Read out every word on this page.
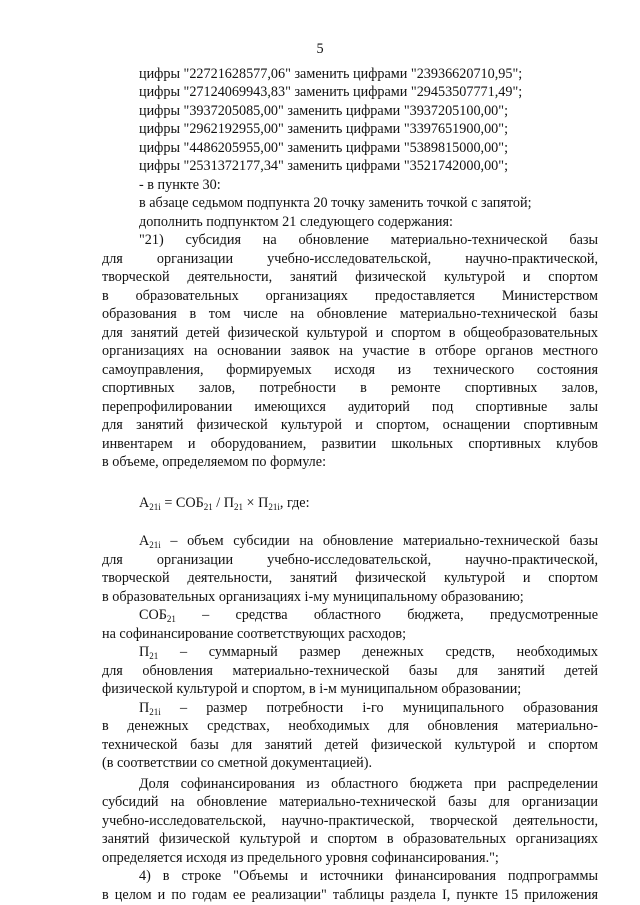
5
цифры "22721628577,06" заменить цифрами "23936620710,95";
цифры "27124069943,83" заменить цифрами "29453507771,49";
цифры "3937205085,00" заменить цифрами "3937205100,00";
цифры "2962192955,00" заменить цифрами "3397651900,00";
цифры "4486205955,00" заменить цифрами "5389815000,00";
цифры "2531372177,34" заменить цифрами "3521742000,00";
- в пункте 30:
в абзаце седьмом подпункта 20 точку заменить точкой с запятой;
дополнить подпунктом 21 следующего содержания:
"21) субсидия на обновление материально-технической базы
для организации учебно-исследовательской, научно-практической,
творческой деятельности, занятий физической культурой и спортом
в образовательных организациях предоставляется Министерством
образования в том числе на обновление материально-технической базы
для занятий детей физической культурой и спортом в общеобразовательных
организациях на основании заявок на участие в отборе органов местного
самоуправления, формируемых исходя из технического состояния
спортивных залов, потребности в ремонте спортивных залов,
перепрофилировании имеющихся аудиторий под спортивные залы
для занятий физической культурой и спортом, оснащении спортивным
инвентарем и оборудованием, развитии школьных спортивных клубов
в объеме, определяемом по формуле:
$А_{21i} = СОБ_{21} / П_{21} \times П_{21i}$, где:
$А_{21i}$ – объем субсидии на обновление материально-технической базы
для организации учебно-исследовательской, научно-практической,
творческой деятельности, занятий физической культурой и спортом
в образовательных организациях i-му муниципальному образованию;
$СОБ_{21}$ – средства областного бюджета, предусмотренные
на софинансирование соответствующих расходов;
$П_{21}$ – суммарный размер денежных средств, необходимых
для обновления материально-технической базы для занятий детей
физической культурой и спортом, в i-м муниципальном образовании;
$П_{21i}$ – размер потребности i-го муниципального образования
в денежных средствах, необходимых для обновления материально-
технической базы для занятий детей физической культурой и спортом
(в соответствии со сметной документацией).
Доля софинансирования из областного бюджета при распределении
субсидий на обновление материально-технической базы для организации
учебно-исследовательской, научно-практической, творческой деятельности,
занятий физической культурой и спортом в образовательных организациях
определяется исходя из предельного уровня софинансирования.";
4) в строке "Объемы и источники финансирования подпрограммы
в целом и по годам ее реализации" таблицы раздела I, пункте 15 приложения
